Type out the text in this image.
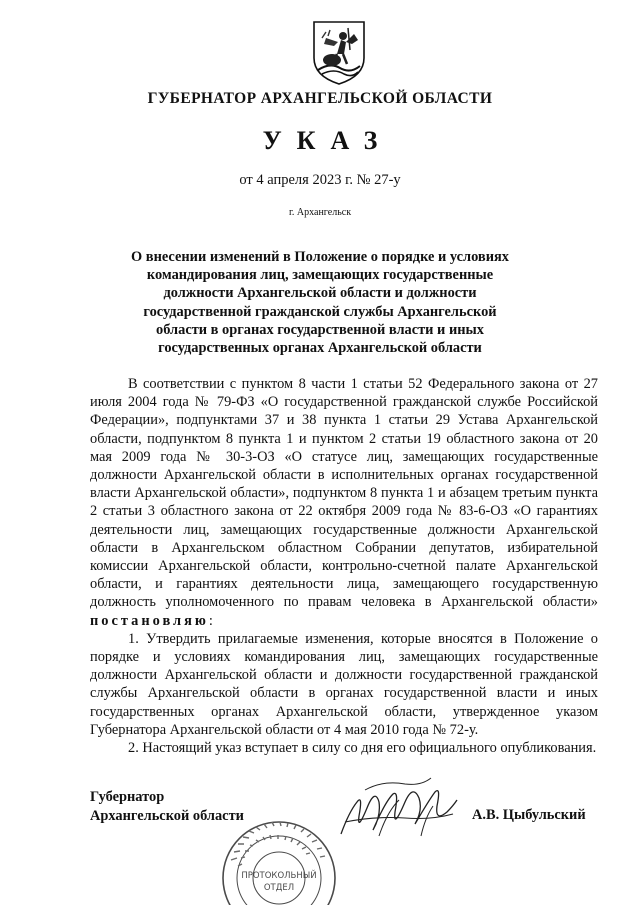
ГУБЕРНАТОР АРХАНГЕЛЬСКОЙ ОБЛАСТИ
УКАЗ
от 4 апреля 2023 г. № 27-у
г. Архангельск
О внесении изменений в Положение о порядке и условиях
командирования лиц, замещающих государственные
должности Архангельской области и должности
государственной гражданской службы Архангельской
области в органах государственной власти и иных
государственных органах Архангельской области

В соответствии с пунктом 8 части 1 статьи 52 Федерального закона от 27 июля 2004 года № 79-ФЗ «О государственной гражданской службе Российской Федерации», подпунктами 37 и 38 пункта 1 статьи 29 Устава Архангельской области, подпунктом 8 пункта 1 и пунктом 2 статьи 19 областного закона от 20 мая 2009 года № 30-3-ОЗ «О статусе лиц, замещающих государственные должности Архангельской области в исполнительных органах государственной власти Архангельской области», подпунктом 8 пункта 1 и абзацем третьим пункта 2 статьи 3 областного закона от 22 октября 2009 года № 83-6-ОЗ «О гарантиях деятельности лиц, замещающих государственные должности Архангельской области в Архангельском областном Собрании депутатов, избирательной комиссии Архангельской области, контрольно-счетной палате Архангельской области, и гарантиях деятельности лица, замещающего государственную должность уполномоченного по правам человека в Архангельской области» постановляю:

1. Утвердить прилагаемые изменения, которые вносятся в Положение о порядке и условиях командирования лиц, замещающих государственные должности Архангельской области и должности государственной гражданской службы Архангельской области в органах государственной власти и иных государственных органах Архангельской области, утвержденное указом Губернатора Архангельской области от 4 мая 2010 года № 72-у.

2. Настоящий указ вступает в силу со дня его официального опубликования.

Губернатор
Архангельской области
ПРОТОКОЛЬНЫЙ
ОТДЕЛ
А.В. Цыбульский
